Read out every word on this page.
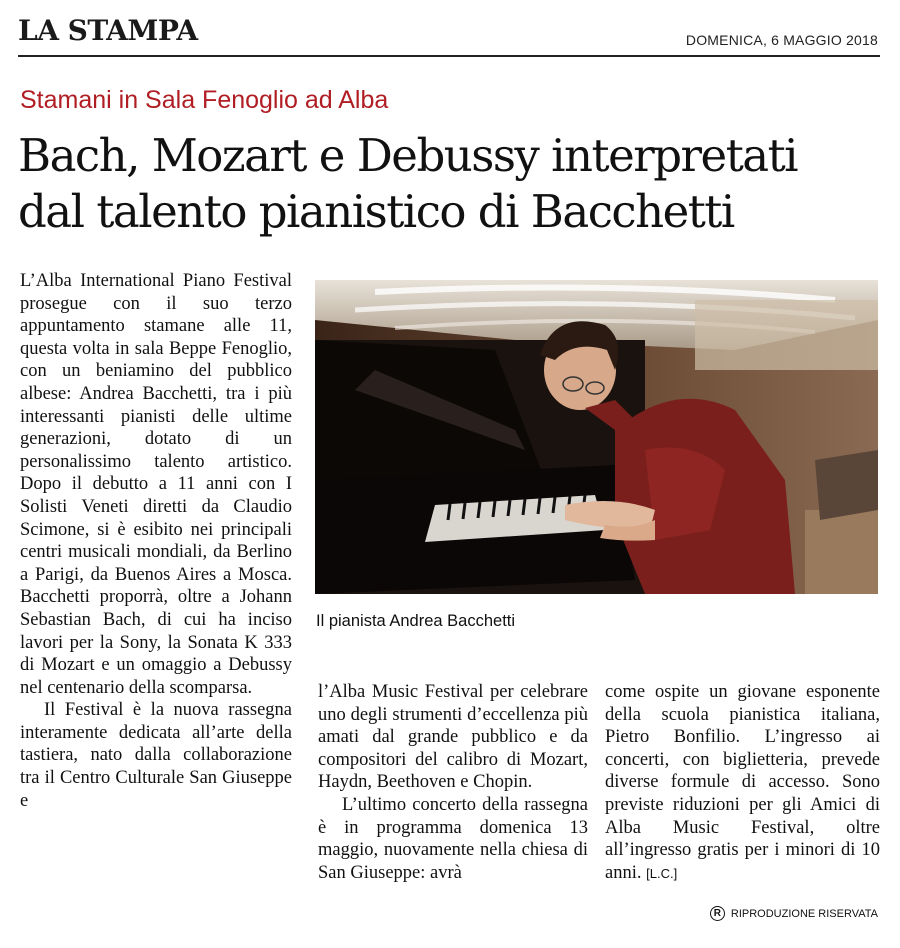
LA STAMPA	DOMENICA, 6 MAGGIO 2018
Stamani in Sala Fenoglio ad Alba
Bach, Mozart e Debussy interpretati
dal talento pianistico di Bacchetti

L’Alba International Piano Festival prosegue con il suo terzo appuntamento stamane alle 11, questa volta in sala Beppe Fenoglio, con un beniamino del pubblico albese: Andrea Bacchetti, tra i più interessanti pianisti delle ultime generazioni, dotato di un personalissimo talento artistico. Dopo il debutto a 11 anni con I Solisti Veneti diretti da Claudio Scimone, si è esibito nei principali centri musicali mondiali, da Berlino a Parigi, da Buenos Aires a Mosca. Bacchetti proporrà, oltre a Johann Sebastian Bach, di cui ha inciso lavori per la Sony, la Sonata K 333 di Mozart e un omaggio a Debussy nel centenario della scomparsa.

Il Festival è la nuova rassegna interamente dedicata all’arte della tastiera, nato dalla collaborazione tra il Centro Culturale San Giuseppe e

Il pianista Andrea Bacchetti

l’Alba Music Festival per celebrare uno degli strumenti d’eccellenza più amati dal grande pubblico e da compositori del calibro di Mozart, Haydn, Beethoven e Chopin.

L’ultimo concerto della rassegna è in programma domenica 13 maggio, nuovamente nella chiesa di San Giuseppe: avrà

come ospite un giovane esponente della scuola pianistica italiana, Pietro Bonfilio. L’ingresso ai concerti, con biglietteria, prevede diverse formule di accesso. Sono previste riduzioni per gli Amici di Alba Music Festival, oltre all’ingresso gratis per i minori di 10 anni. [L.C.]

R RIPRODUZIONE RISERVATA
